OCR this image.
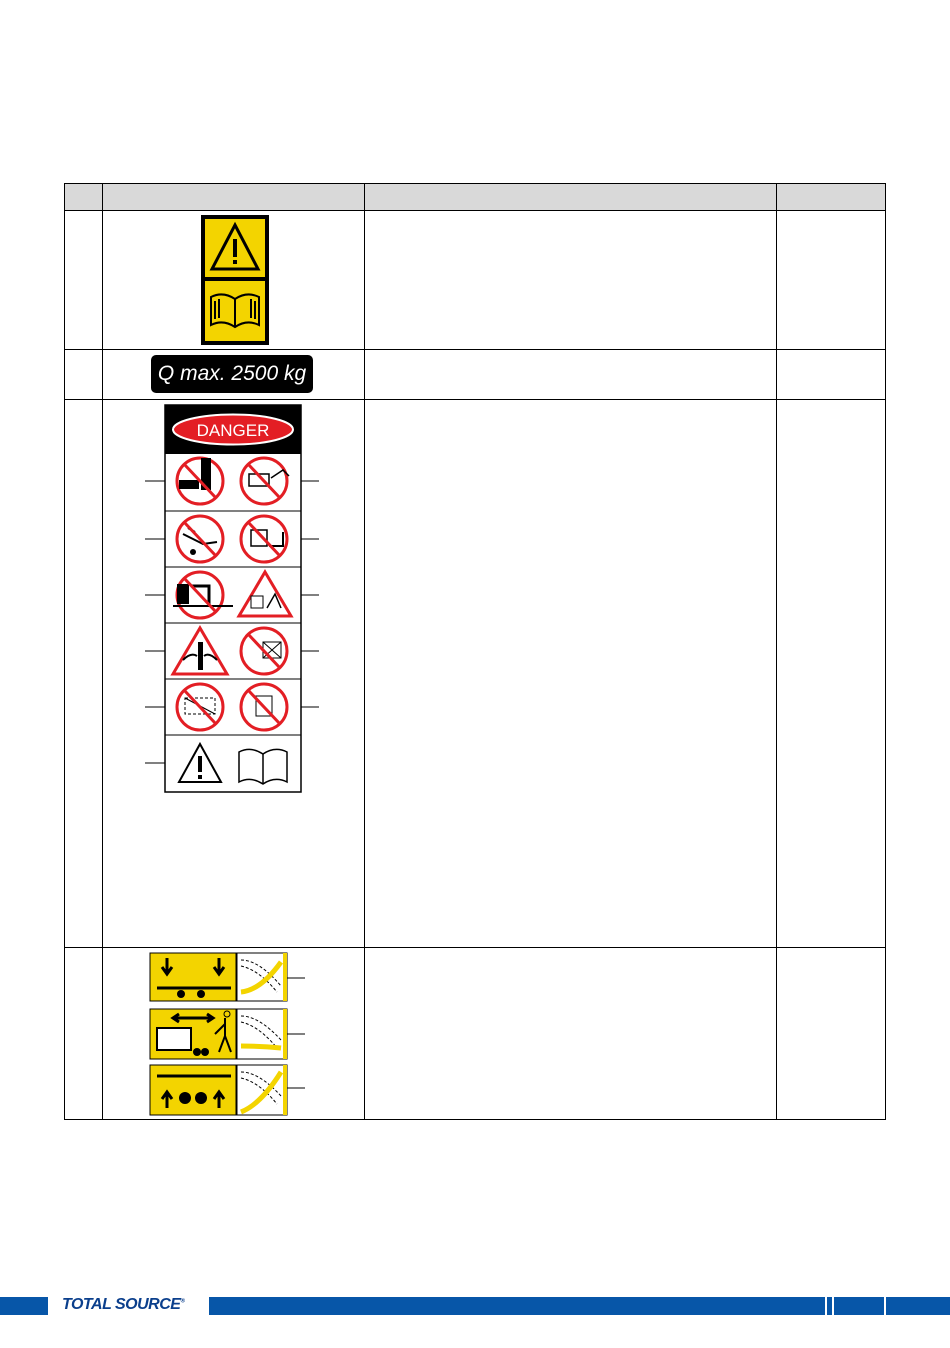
Q max. 2500 kg		

DANGER		

TOTAL SOURCE®
